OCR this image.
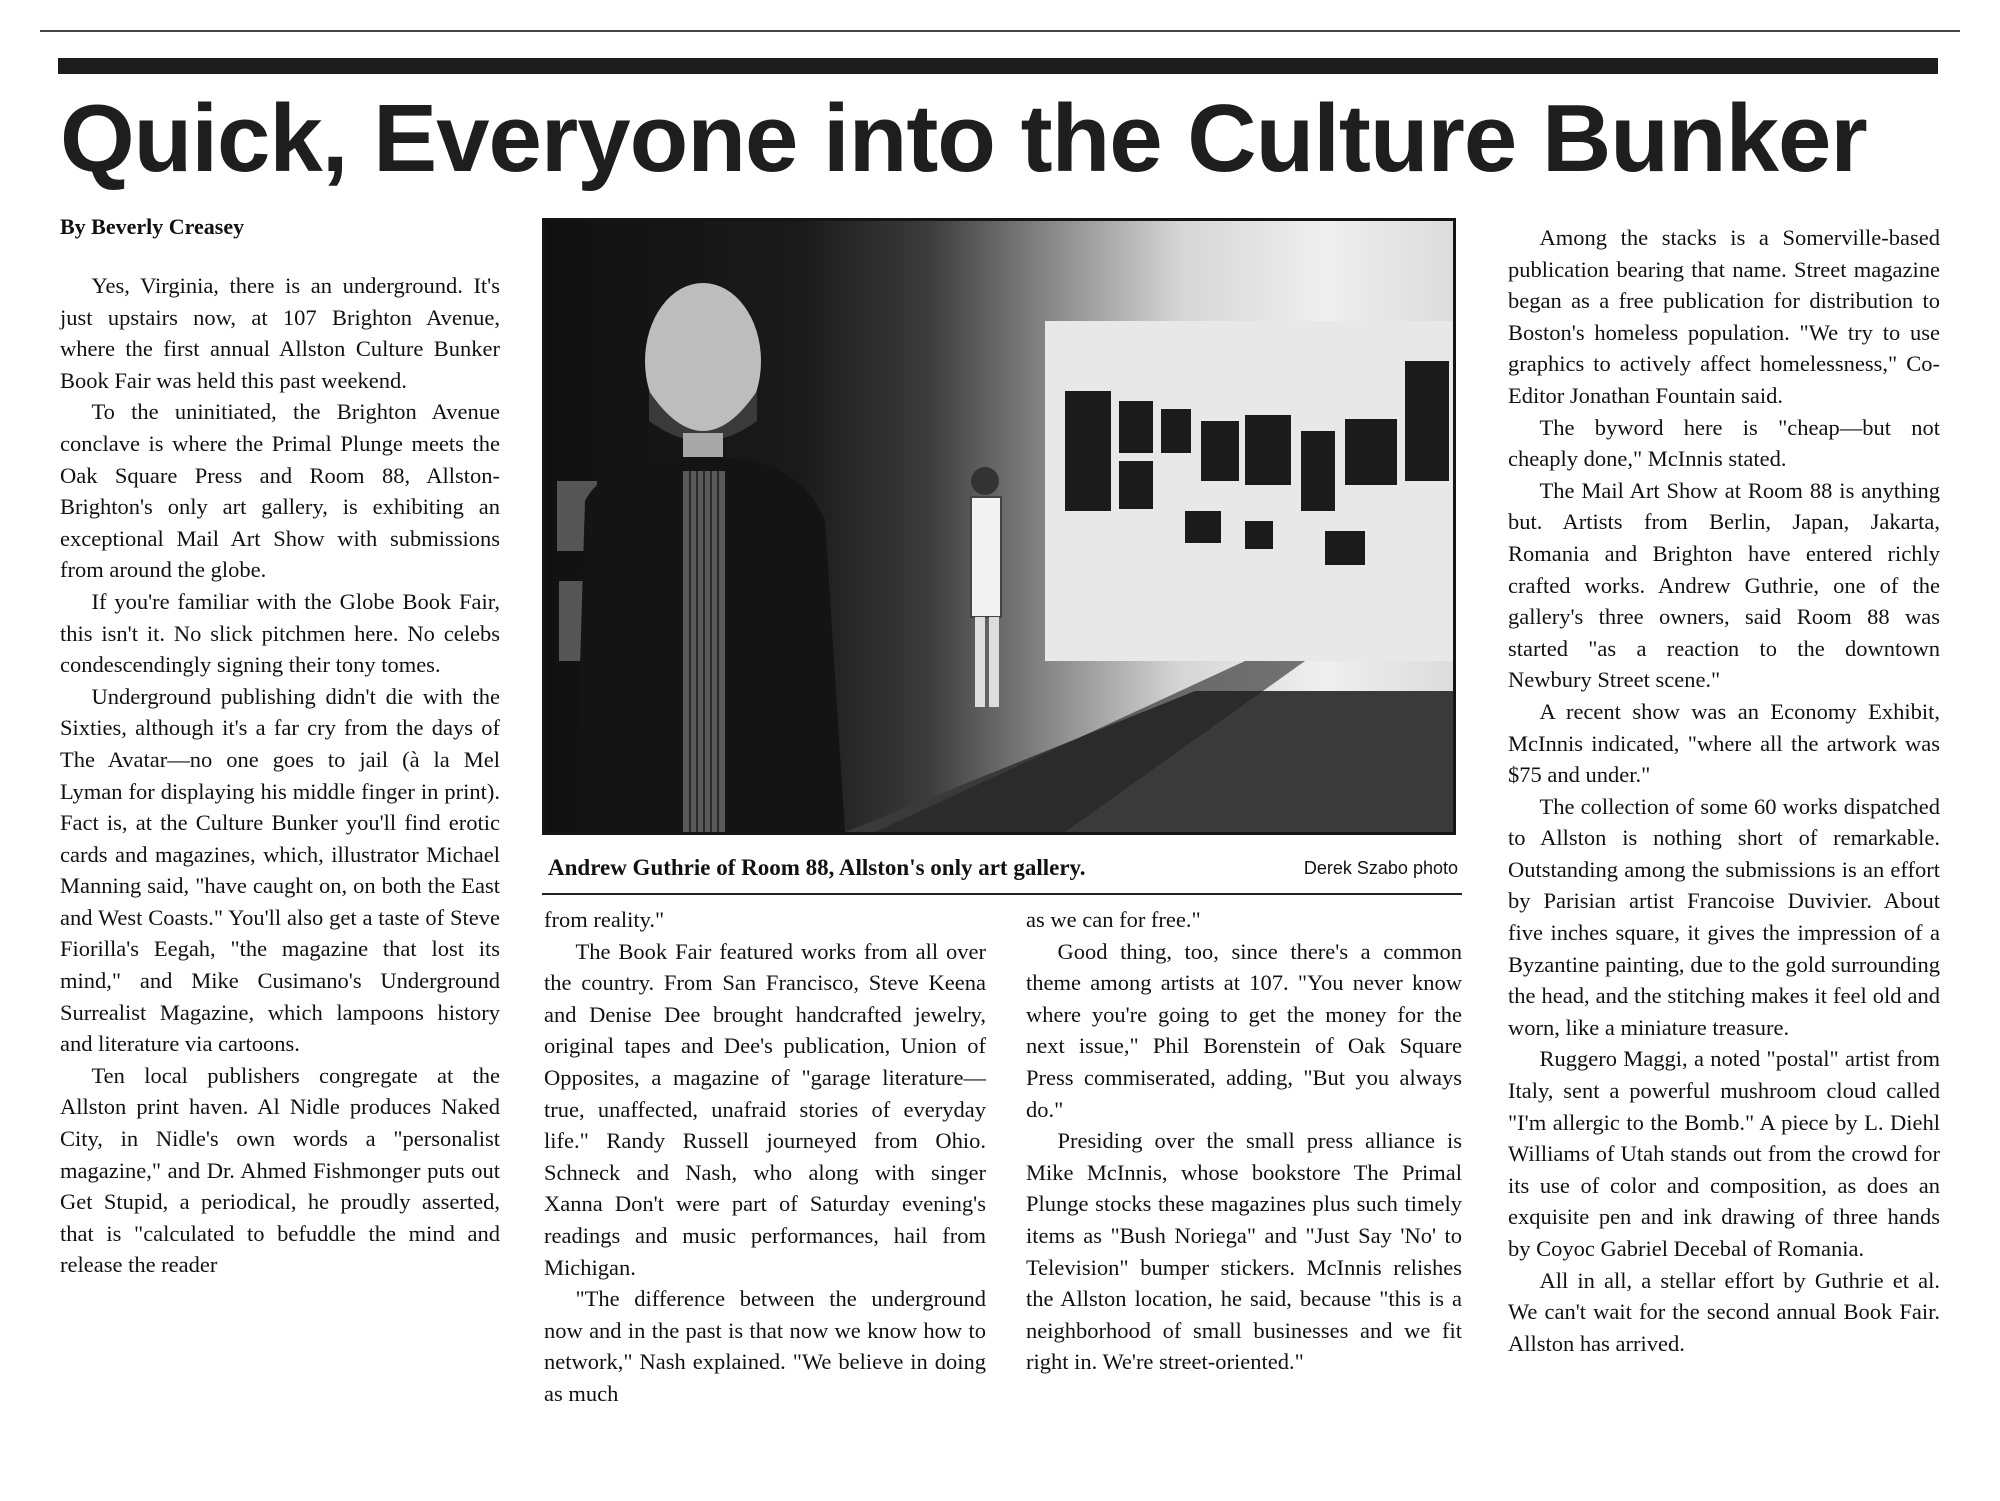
Quick, Everyone into the Culture Bunker
By Beverly Creasey

Yes, Virginia, there is an underground. It's just upstairs now, at 107 Brighton Avenue, where the first annual Allston Culture Bunker Book Fair was held this past weekend.

To the uninitiated, the Brighton Avenue conclave is where the Primal Plunge meets the Oak Square Press and Room 88, Allston-Brighton's only art gallery, is exhibiting an exceptional Mail Art Show with submissions from around the globe.

If you're familiar with the Globe Book Fair, this isn't it. No slick pitchmen here. No celebs condescendingly signing their tony tomes.

Underground publishing didn't die with the Sixties, although it's a far cry from the days of The Avatar—no one goes to jail (à la Mel Lyman for displaying his middle finger in print). Fact is, at the Culture Bunker you'll find erotic cards and magazines, which, illustrator Michael Manning said, "have caught on, on both the East and West Coasts." You'll also get a taste of Steve Fiorilla's Eegah, "the magazine that lost its mind," and Mike Cusimano's Underground Surrealist Magazine, which lampoons history and literature via cartoons.

Ten local publishers congregate at the Allston print haven. Al Nidle produces Naked City, in Nidle's own words a "personalist magazine," and Dr. Ahmed Fishmonger puts out Get Stupid, a periodical, he proudly asserted, that is "calculated to befuddle the mind and release the reader

Andrew Guthrie of Room 88, Allston's only art gallery.	Derek Szabo photo

from reality."

The Book Fair featured works from all over the country. From San Francisco, Steve Keena and Denise Dee brought handcrafted jewelry, original tapes and Dee's publication, Union of Opposites, a magazine of "garage literature—true, unaffected, unafraid stories of everyday life." Randy Russell journeyed from Ohio. Schneck and Nash, who along with singer Xanna Don't were part of Saturday evening's readings and music performances, hail from Michigan.

"The difference between the underground now and in the past is that now we know how to network," Nash explained. "We believe in doing as much

as we can for free."

Good thing, too, since there's a common theme among artists at 107. "You never know where you're going to get the money for the next issue," Phil Borenstein of Oak Square Press commiserated, adding, "But you always do."

Presiding over the small press alliance is Mike McInnis, whose bookstore The Primal Plunge stocks these magazines plus such timely items as "Bush Noriega" and "Just Say 'No' to Television" bumper stickers. McInnis relishes the Allston location, he said, because "this is a neighborhood of small businesses and we fit right in. We're street-oriented."

Among the stacks is a Somerville-based publication bearing that name. Street magazine began as a free publication for distribution to Boston's homeless population. "We try to use graphics to actively affect homelessness," Co-Editor Jonathan Fountain said.

The byword here is "cheap—but not cheaply done," McInnis stated.

The Mail Art Show at Room 88 is anything but. Artists from Berlin, Japan, Jakarta, Romania and Brighton have entered richly crafted works. Andrew Guthrie, one of the gallery's three owners, said Room 88 was started "as a reaction to the downtown Newbury Street scene."

A recent show was an Economy Exhibit, McInnis indicated, "where all the artwork was $75 and under."

The collection of some 60 works dispatched to Allston is nothing short of remarkable. Outstanding among the submissions is an effort by Parisian artist Francoise Duvivier. About five inches square, it gives the impression of a Byzantine painting, due to the gold surrounding the head, and the stitching makes it feel old and worn, like a miniature treasure.

Ruggero Maggi, a noted "postal" artist from Italy, sent a powerful mushroom cloud called "I'm allergic to the Bomb." A piece by L. Diehl Williams of Utah stands out from the crowd for its use of color and composition, as does an exquisite pen and ink drawing of three hands by Coyoc Gabriel Decebal of Romania.

All in all, a stellar effort by Guthrie et al. We can't wait for the second annual Book Fair. Allston has arrived.
